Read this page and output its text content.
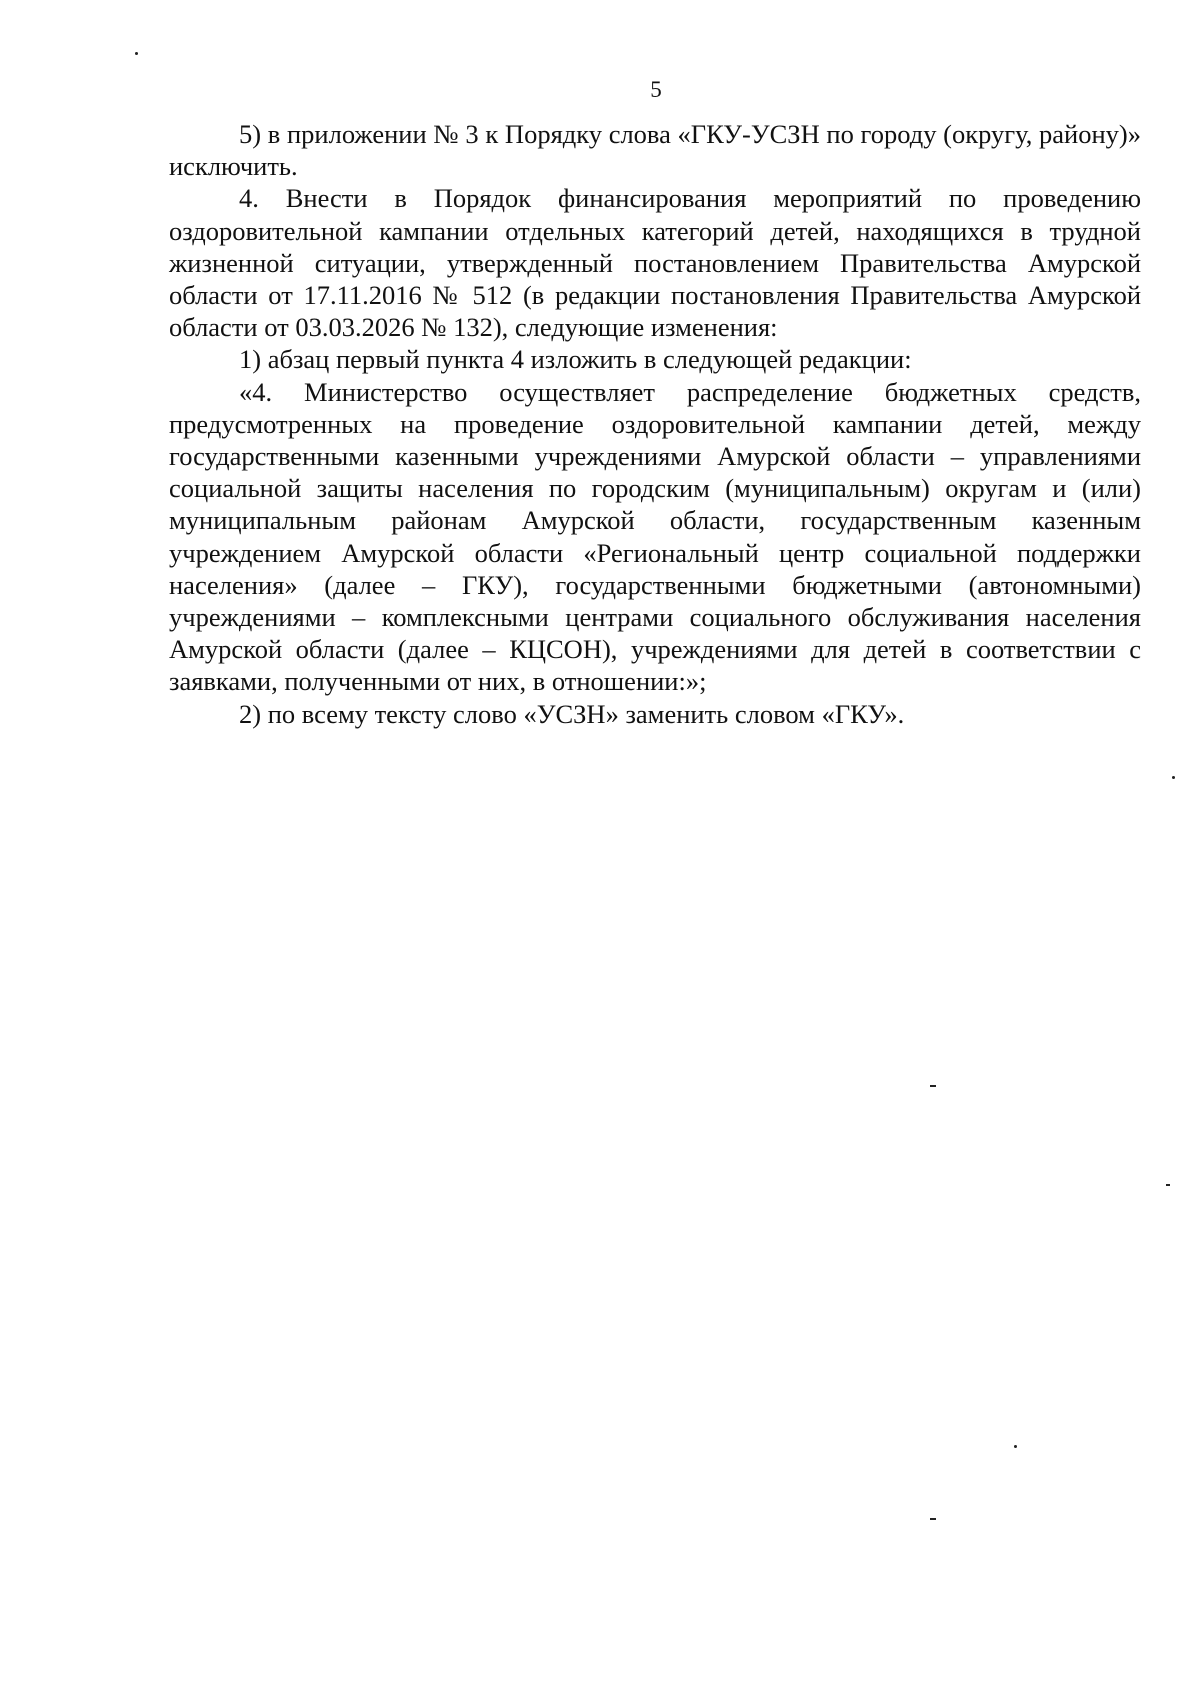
5

5) в приложении № 3 к Порядку слова «ГКУ-УСЗН по городу (округу, району)» исключить.

4. Внести в Порядок финансирования мероприятий по проведению оздоровительной кампании отдельных категорий детей, находящихся в трудной жизненной ситуации, утвержденный постановлением Правительства Амурской области от 17.11.2016 № 512 (в редакции постановления Правительства Амурской области от 03.03.2026 № 132), следующие изменения:

1) абзац первый пункта 4 изложить в следующей редакции:

«4. Министерство осуществляет распределение бюджетных средств, предусмотренных на проведение оздоровительной кампании детей, между государственными казенными учреждениями Амурской области – управлениями социальной защиты населения по городским (муниципальным) округам и (или) муниципальным районам Амурской области, государственным казенным учреждением Амурской области «Региональный центр социальной поддержки населения» (далее – ГКУ), государственными бюджетными (автономными) учреждениями – комплексными центрами социального обслуживания населения Амурской области (далее – КЦСОН), учреждениями для детей в соответствии с заявками, полученными от них, в отношении:»;

2) по всему тексту слово «УСЗН» заменить словом «ГКУ».
